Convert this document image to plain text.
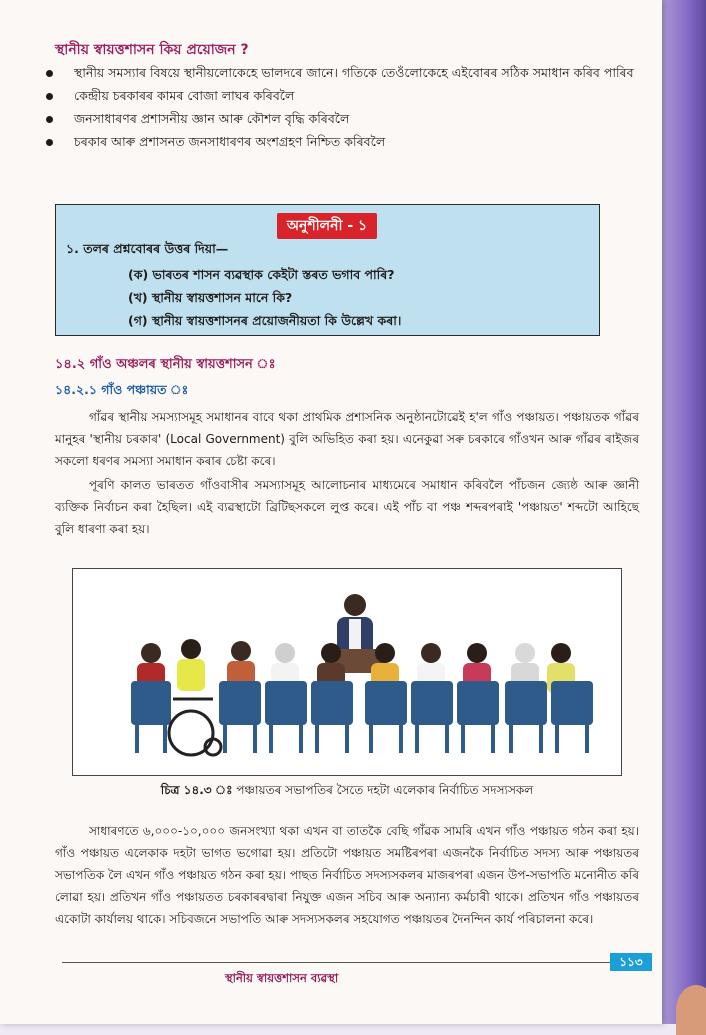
স্থানীয় স্বায়ত্তশাসন কিয় প্ৰয়োজন ?
স্থানীয় সমস্যাৰ বিষয়ে স্থানীয়লোকেহে ভালদৰে জানে। গতিকে তেওঁলোকেহে এইবোৰৰ সঠিক সমাধান কৰিব পাৰিব
কেন্দ্ৰীয় চৰকাৰৰ কামৰ বোজা লাঘৰ কৰিবলৈ
জনসাধাৰণৰ প্ৰশাসনীয় জ্ঞান আৰু কৌশল বৃদ্ধি কৰিবলৈ
চৰকাৰ আৰু প্ৰশাসনত জনসাধাৰণৰ অংশগ্ৰহণ নিশ্চিত কৰিবলৈ
অনুশীলনী - ১
১. তলৰ প্ৰশ্নবোৰৰ উত্তৰ দিয়া—
(ক) ভাৰতৰ শাসন ব্যৱস্থাক কেইটা স্তৰত ভগাব পাৰি?
(খ) স্থানীয় স্বায়ত্তশাসন মানে কি?
(গ) স্থানীয় স্বায়ত্তশাসনৰ প্ৰয়োজনীয়তা কি উল্লেখ কৰা।
১৪.২ গাঁও অঞ্চলৰ স্থানীয় স্বায়ত্তশাসন ঃ
১৪.২.১ গাঁও পঞ্চায়ত ঃ

গাঁৱৰ স্থানীয় সমস্যাসমূহ সমাধানৰ বাবে থকা প্ৰাথমিক প্ৰশাসনিক অনুষ্ঠানটোৱেই হ'ল গাঁও পঞ্চায়ত। পঞ্চায়তক গাঁৱৰ মানুহৰ 'স্থানীয় চৰকাৰ' (Local Government) বুলি অভিহিত কৰা হয়। এনেকুৱা সৰু চৰকাৰে গাঁওখন আৰু গাঁৱৰ ৰাইজৰ সকলো ধৰণৰ সমস্যা সমাধান কৰাৰ চেষ্টা কৰে।

পূৰণি কালত ভাৰতত গাঁওবাসীৰ সমস্যাসমূহ আলোচনাৰ মাধ্যমেৰে সমাধান কৰিবলৈ পাঁচজন জ্যেষ্ঠ আৰু জ্ঞানী ব্যক্তিক নিৰ্বাচন কৰা হৈছিল। এই ব্যৱস্থাটো ব্ৰিটিছসকলে লুপ্ত কৰে। এই পাঁচ বা পঞ্চ শব্দৰপৰাই 'পঞ্চায়ত' শব্দটো আহিছে বুলি ধাৰণা কৰা হয়।

চিত্ৰ ১৪.৩ ঃ পঞ্চায়তৰ সভাপতিৰ সৈতে দহটা এলেকাৰ নিৰ্বাচিত সদস্যসকল

সাধাৰণতে ৬,০০০-১০,০০০ জনসংখ্যা থকা এখন বা তাতকৈ বেছি গাঁৱক সামৰি এখন গাঁও পঞ্চায়ত গঠন কৰা হয়। গাঁও পঞ্চায়ত এলেকাক দহটা ভাগত ভগোৱা হয়। প্ৰতিটো পঞ্চায়ত সমষ্টিৰপৰা এজনকৈ নিৰ্বাচিত সদস্য আৰু পঞ্চায়তৰ সভাপতিক লৈ এখন গাঁও পঞ্চায়ত গঠন কৰা হয়। পাছত নিৰ্বাচিত সদস্যসকলৰ মাজৰপৰা এজন উপ-সভাপতি মনোনীত কৰি লোৱা হয়। প্ৰতিখন গাঁও পঞ্চায়তত চৰকাৰৰদ্বাৰা নিযুক্ত এজন সচিব আৰু অন্যান্য কৰ্মচাৰী থাকে। প্ৰতিখন গাঁও পঞ্চায়তৰ একোটা কাৰ্যালয় থাকে। সচিবজনে সভাপতি আৰু সদস্যসকলৰ সহযোগত পঞ্চায়তৰ দৈনন্দিন কাৰ্য পৰিচালনা কৰে।

স্থানীয় স্বায়ত্তশাসন ব্যৱস্থা

১১৩
